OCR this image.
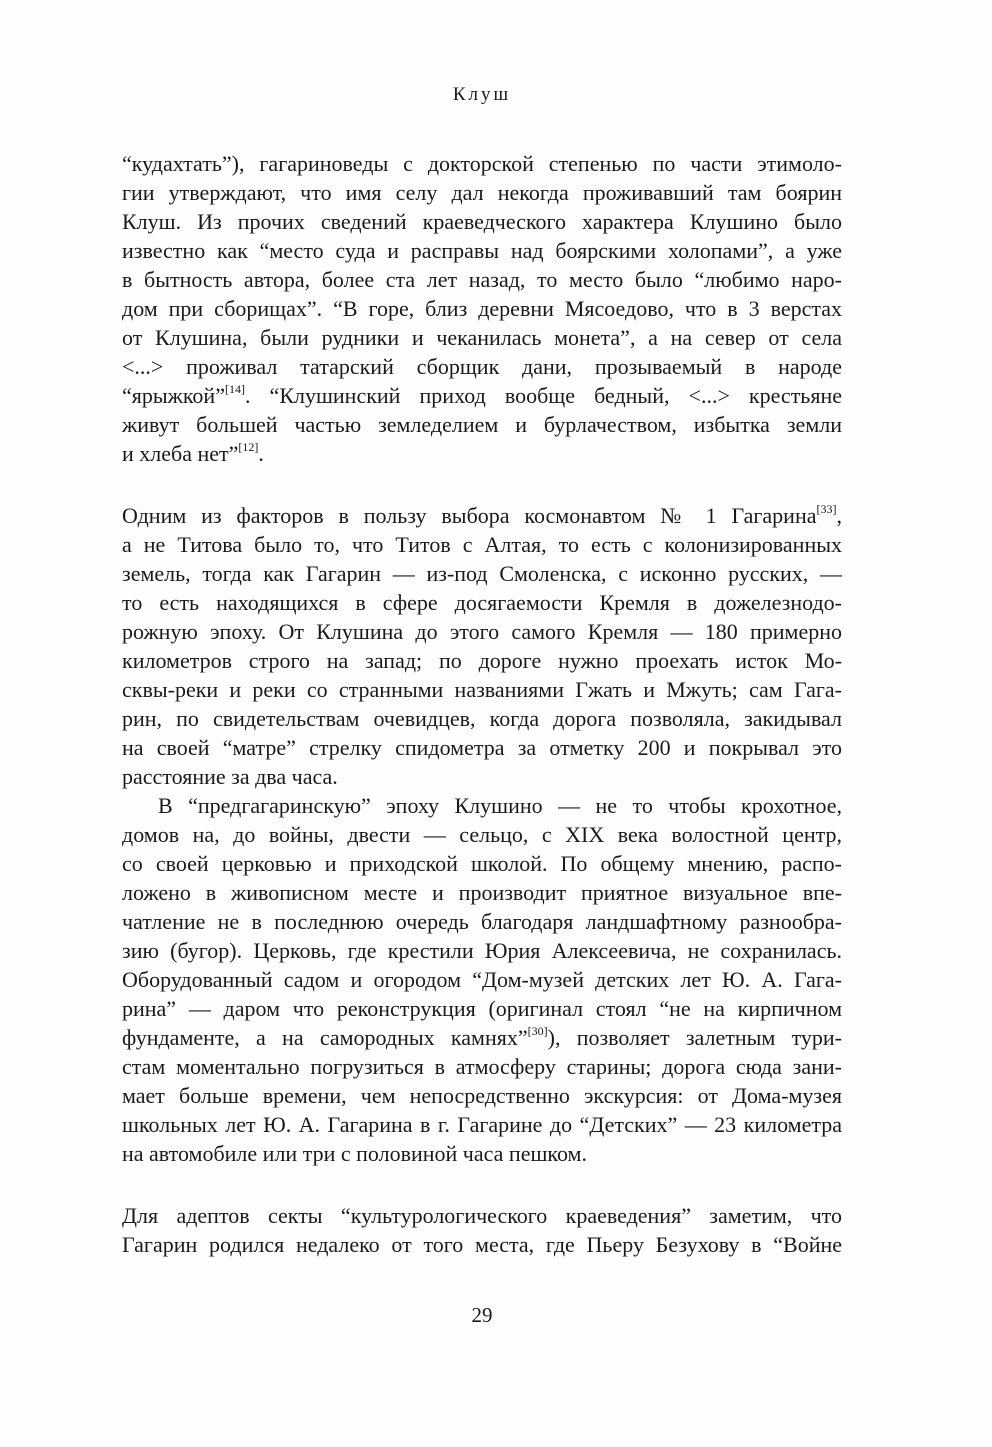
Клуш
“кудахтать”), гагариноведы с докторской степенью по части этимоло-
гии утверждают, что имя селу дал некогда проживавший там боярин
Клуш. Из прочих сведений краеведческого характера Клушино было
известно как “место суда и расправы над боярскими холопами”, а уже
в бытность автора, более ста лет назад, то место было “любимо наро-
дом при сборищах”. “В горе, близ деревни Мясоедово, что в 3 верстах
от Клушина, были рудники и чеканилась монета”, а на север от села
<...> проживал татарский сборщик дани, прозываемый в народе
“ярыжкой”[14]. “Клушинский приход вообще бедный, <...> крестьяне
живут большей частью земледелием и бурлачеством, избытка земли
и хлеба нет”[12].
Одним из факторов в пользу выбора космонавтом № 1 Гагарина[33],
а не Титова было то, что Титов с Алтая, то есть с колонизированных
земель, тогда как Гагарин — из-под Смоленска, с исконно русских, —
то есть находящихся в сфере досягаемости Кремля в дожелезнодо-
рожную эпоху. От Клушина до этого самого Кремля — 180 примерно
километров строго на запад; по дороге нужно проехать исток Мо-
сквы-реки и реки со странными названиями Гжать и Мжуть; сам Гага-
рин, по свидетельствам очевидцев, когда дорога позволяла, закидывал
на своей “матре” стрелку спидометра за отметку 200 и покрывал это
расстояние за два часа.
В “предгагаринскую” эпоху Клушино — не то чтобы крохотное,
домов на, до войны, двести — сельцо, с XIX века волостной центр,
со своей церковью и приходской школой. По общему мнению, распо-
ложено в живописном месте и производит приятное визуальное впе-
чатление не в последнюю очередь благодаря ландшафтному разнообра-
зию (бугор). Церковь, где крестили Юрия Алексеевича, не сохранилась.
Оборудованный садом и огородом “Дом-музей детских лет Ю. А. Гага-
рина” — даром что реконструкция (оригинал стоял “не на кирпичном
фундаменте, а на самородных камнях”[30]), позволяет залетным тури-
стам моментально погрузиться в атмосферу старины; дорога сюда зани-
мает больше времени, чем непосредственно экскурсия: от Дома-музея
школьных лет Ю. А. Гагарина в г. Гагарине до “Детских” — 23 километра
на автомобиле или три с половиной часа пешком.
Для адептов секты “культурологического краеведения” заметим, что
Гагарин родился недалеко от того места, где Пьеру Безухову в “Войне
29
